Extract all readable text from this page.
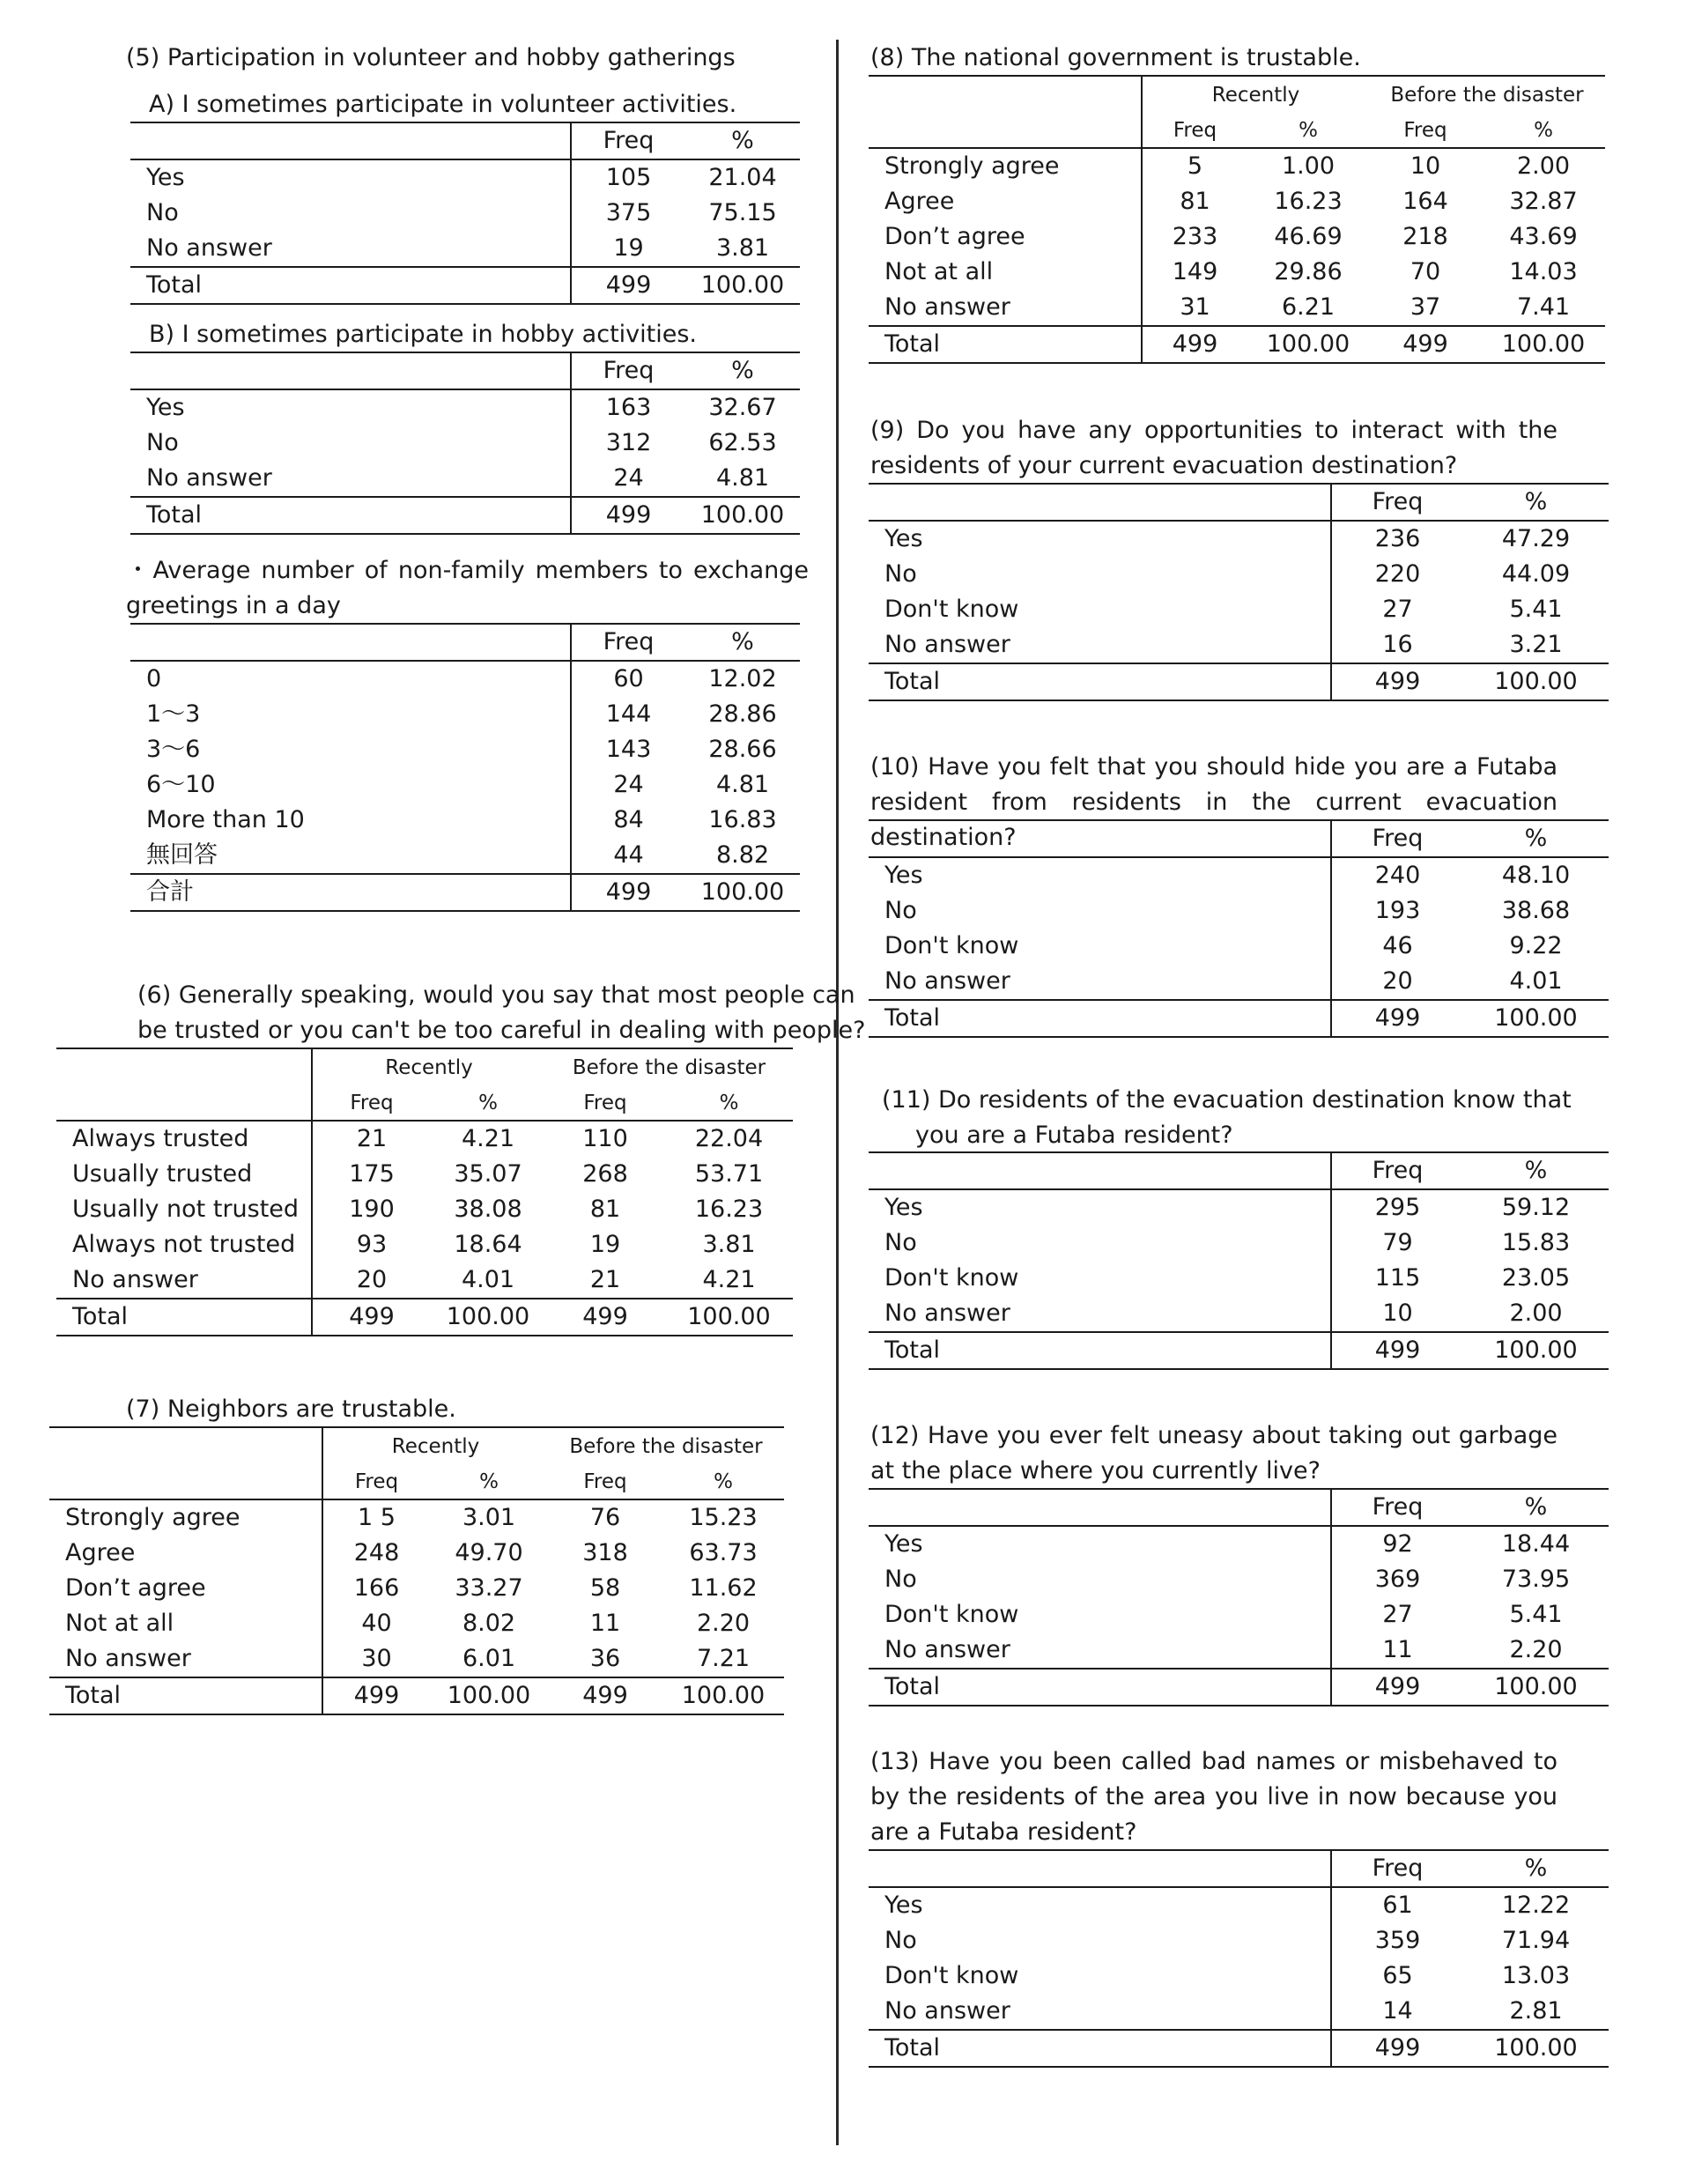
(5) Participation in volunteer and hobby gatherings
A) I sometimes participate in volunteer activities.
	Freq	%
Yes	105	21.04
No	375	75.15
No answer	19	3.81
Total	499	100.00
B) I sometimes participate in hobby activities.
	Freq	%
Yes	163	32.67
No	312	62.53
No answer	24	4.81
Total	499	100.00
・Average number of non-family members to exchange greetings in a day
	Freq	%
0	60	12.02
1～3	144	28.86
3～6	143	28.66
6～10	24	4.81
More than 10	84	16.83
無回答	44	8.82
合計	499	100.00
(6) Generally speaking, would you say that most people can
be trusted or you can't be too careful in dealing with people?
	Recently		Before the disaster	
	Freq	%	Freq	%
Always trusted	21	4.21	110	22.04
Usually trusted	175	35.07	268	53.71
Usually not trusted	190	38.08	81	16.23
Always not trusted	93	18.64	19	3.81
No answer	20	4.01	21	4.21
Total	499	100.00	499	100.00
(7) Neighbors are trustable.
	Recently		Before the disaster	
	Freq	%	Freq	%
Strongly agree	1 5	3.01	76	15.23
Agree	248	49.70	318	63.73
Don’t agree	166	33.27	58	11.62
Not at all	40	8.02	11	2.20
No answer	30	6.01	36	7.21
Total	499	100.00	499	100.00
(8) The national government is trustable.
	Recently		Before the disaster	
	Freq	%	Freq	%
Strongly agree	5	1.00	10	2.00
Agree	81	16.23	164	32.87
Don’t agree	233	46.69	218	43.69
Not at all	149	29.86	70	14.03
No answer	31	6.21	37	7.41
Total	499	100.00	499	100.00
(9) Do you have any opportunities to interact with the residents of your current evacuation destination?
	Freq	%
Yes	236	47.29
No	220	44.09
Don't know	27	5.41
No answer	16	3.21
Total	499	100.00
(10) Have you felt that you should hide you are a Futaba resident from residents in the current evacuation destination?
		Freq	%
Yes	240	48.10
No	193	38.68
Don't know	46	9.22
No answer	20	4.01
Total	499	100.00
(11) Do residents of the evacuation destination know that
you are a Futaba resident?
	Freq	%
Yes	295	59.12
No	79	15.83
Don't know	115	23.05
No answer	10	2.00
Total	499	100.00
(12) Have you ever felt uneasy about taking out garbage at the place where you currently live?
	Freq	%
Yes	92	18.44
No	369	73.95
Don't know	27	5.41
No answer	11	2.20
Total	499	100.00
(13) Have you been called bad names or misbehaved to by the residents of the area you live in now because you are a Futaba resident?
	Freq	%
Yes	61	12.22
No	359	71.94
Don't know	65	13.03
No answer	14	2.81
Total	499	100.00
